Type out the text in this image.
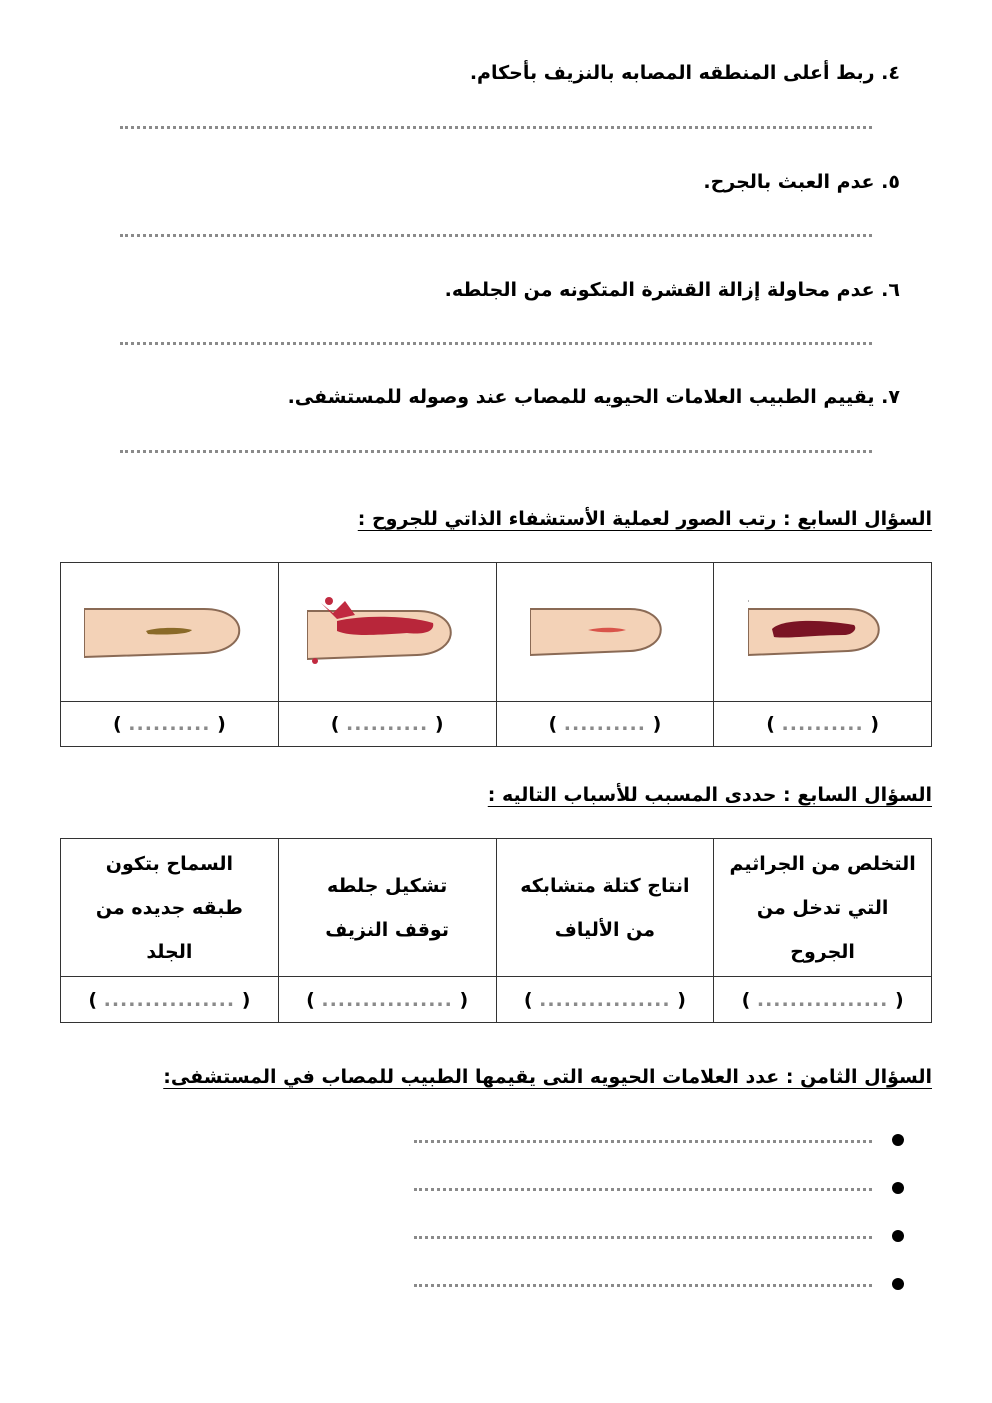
٤. ربط أعلى المنطقه المصابه بالنزيف بأحكام.
٥. عدم العبث بالجرح.
٦. عدم محاولة إزالة القشرة المتكونه من الجلطه.
٧. يقييم الطبيب العلامات الحيويه للمصاب عند وصوله للمستشفى.
السؤال السابع : رتب الصور لعملية الأستشفاء الذاتي للجروح :

( .......... )	( .......... )	( .......... )	( .......... )
السؤال السابع : حددى المسبب للأسباب التاليه :
التخلص من الجراثيم التي تدخل من الجروح	انتاج كتلة متشابكه من الألياف	تشكيل جلطه توقف النزيف	السماح بتكون طبقه جديده من الجلد

( ................ )	( ................ )	( ................ )	( ................ )
السؤال الثامن : عدد العلامات الحيويه التى يقيمها الطبيب للمصاب في المستشفى:
